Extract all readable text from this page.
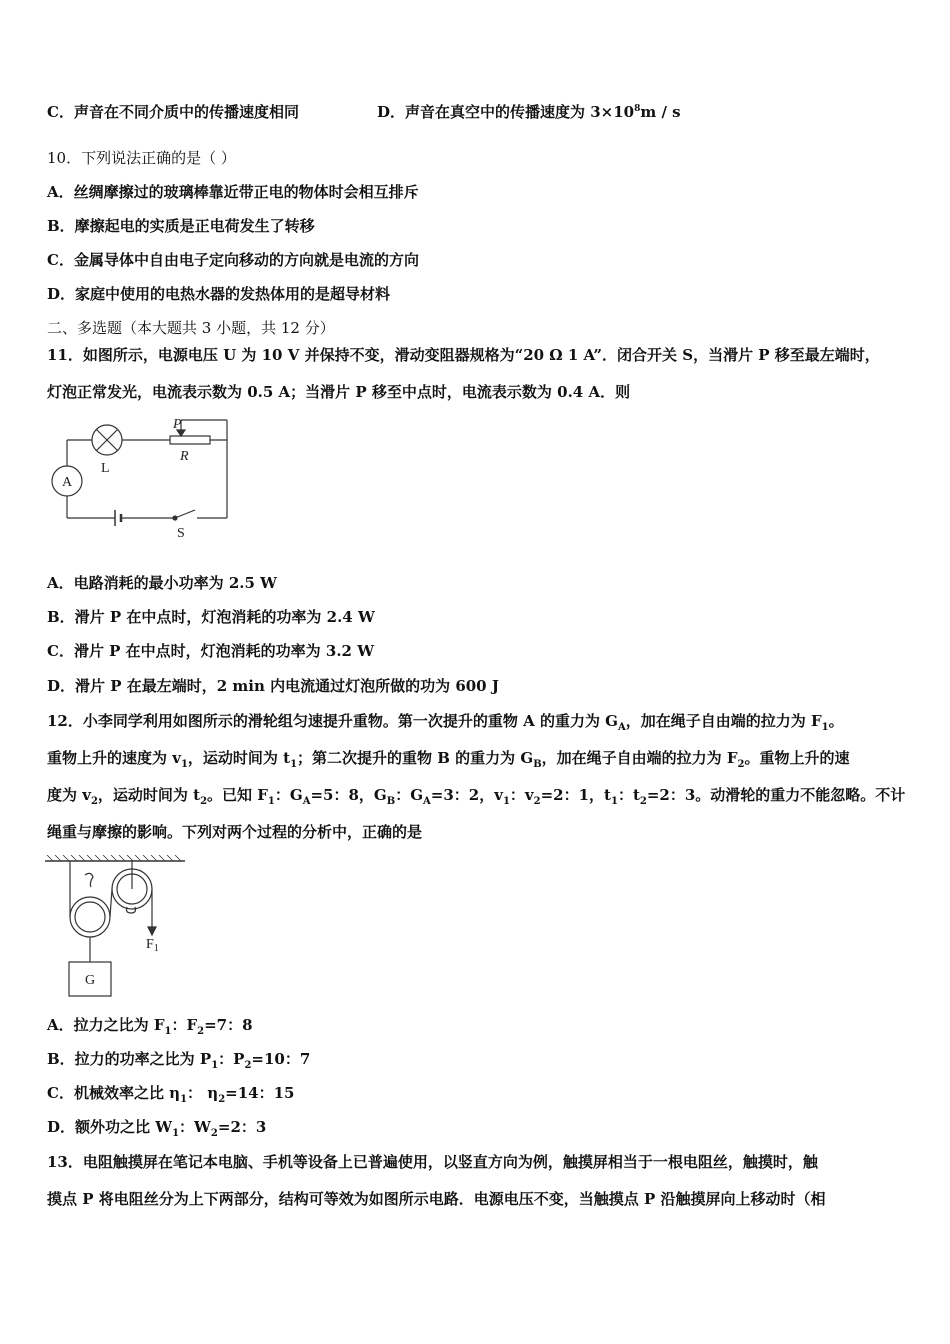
C．声音在不同介质中的传播速度相同	D．声音在真空中的传播速度为 $3\times 10^8m / s$
10．下列说法正确的是（ ）
A．丝绸摩擦过的玻璃棒靠近带正电的物体时会相互排斥
B．摩擦起电的实质是正电荷发生了转移
C．金属导体中自由电子定向移动的方向就是电流的方向
D．家庭中使用的电热水器的发热体用的是超导材料
二、多选题（本大题共 3 小题，共 12 分）
11．如图所示，电源电压 U 为 10 V 并保持不变，滑动变阻器规格为“20 Ω 1 A”．闭合开关 S，当滑片 P 移至最左端时，
灯泡正常发光，电流表示数为 0.5 A；当滑片 P 移至中点时，电流表示数为 0.4 A．则
A
L
P
R
S
A．电路消耗的最小功率为 2.5 W
B．滑片 P 在中点时，灯泡消耗的功率为 2.4 W
C．滑片 P 在中点时，灯泡消耗的功率为 3.2 W
D．滑片 P 在最左端时，2 min 内电流通过灯泡所做的功为 600 J
12．小李同学利用如图所示的滑轮组匀速提升重物。第一次提升的重物 A 的重力为 $G_A$，加在绳子自由端的拉力为 $F_1$。
重物上升的速度为 $v_1$，运动时间为 $t_1$；第二次提升的重物 B 的重力为 $G_B$，加在绳子自由端的拉力为 $F_2$。重物上升的速
度为 $v_2$，运动时间为 $t_2$。已知 $F_1$：$G_A=5$：8，$G_B$：$G_A=3$：2，$v_1$：$v_2=2$：1，$t_1$：$t_2=2$：3。动滑轮的重力不能忽略。不计
绳重与摩擦的影响。下列对两个过程的分析中，正确的是
G
$F_1$
A．拉力之比为 $F_1$：$F_2=7$：8
B．拉力的功率之比为 $P_1$：$P_2=10$：7
C．机械效率之比 $\eta_1$： $\eta_2=14$：15
D．额外功之比 $W_1$：$W_2=2$：3
13．电阻触摸屏在笔记本电脑、手机等设备上已普遍使用，以竖直方向为例，触摸屏相当于一根电阻丝，触摸时，触
摸点 P 将电阻丝分为上下两部分，结构可等效为如图所示电路．电源电压不变，当触摸点 P 沿触摸屏向上移动时（相
